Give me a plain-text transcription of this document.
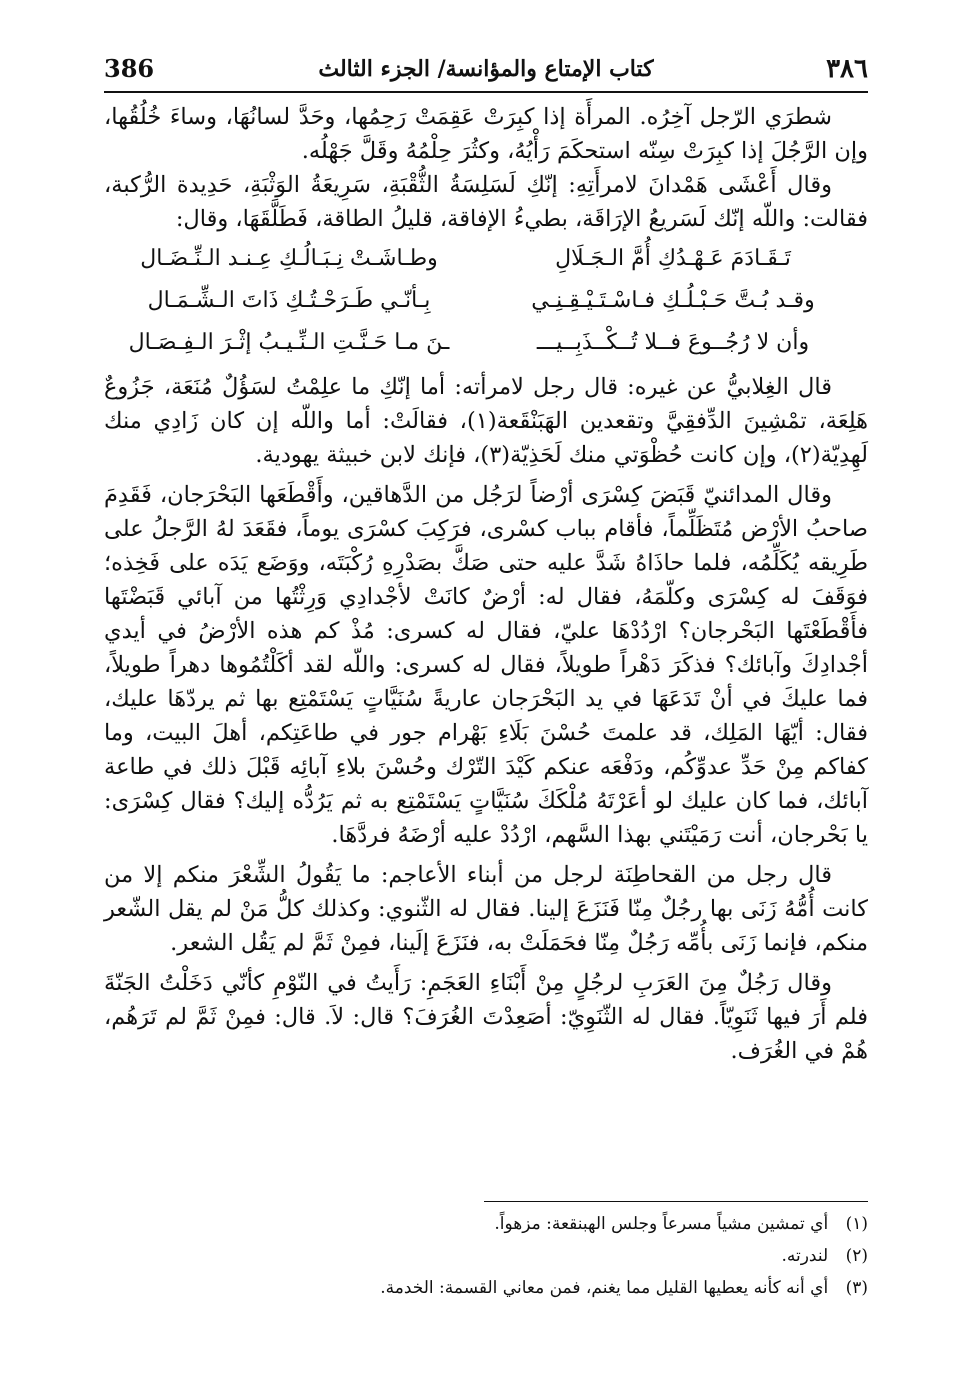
٣٨٦
كتاب الإمتاع والمؤانسة/ الجزء الثالث
386

شطرَي الرّجل آخِرُه. المرأَة إذا كبِرَتْ عَقِمَتْ رَحِمُها، وحَدَّ لسانُهَا، وساءَ خُلُقُها، وإن الرَّجُلَ إذا كبِرَتْ سِنّه استحكَمَ رَأْيُهُ، وكثُرَ حِلْمُهُ وقَلَّ جَهْلُه.

وقال أَعْشَى هَمْدانَ لامرأَتِهِ: إنّكِ لَسَلِسَةُ الثُّقْبَةِ، سَرِيعَةُ الوَثْبَةِ، حَدِيدة الرُّكبة، فقالت: واللّه إنّك لَسَريعُ الإرَاقَة، بطيءُ الإفاقة، قليلُ الطاقة، فَطَلَّقَهَا، وقال:

تَـقَـادَمَ عَـهْـدُكِ أُمَّ الـجَـلَالِ
وطـاشَـتْ نِـبَـالُـكِ عِـنـد الـنِّـضَـال
وقـد بُـتَّ حَـبْـلُـكِ فـاسْـتَـيْـقِـنِـي
بِـأنّـي طَـرَحْـتُـكِ ذَاتَ الـشِّـمَـال
وأن لا رُجُــوعَ فــلا تُــكْــذَبِــيـــ
ـنَ مـا حَـنَّـتِ الـنِّـيـبُ إثْـرَ الـفِـصَـال

قال الغِلابيُّ عن غيره: قال رجل لامرأته: أما إنّكِ ما علِمْتُ لسَؤُلٌ مُنَعَة، جَزُوعٌ هَلِعَة، تمْشِينَ الدِّفقِيَّ وتقعدين الهَبَنْقَعة(١)، فقالَتْ: أما واللّه إن كان زَادِي منك لَهِدِيّة(٢)، وإن كانت حُظْوَتي منك لَحَذِيّة(٣)، فإنك لابن خبيثة يهودية.

وقال المدائنيّ قَبَضَ كِسْرَى أرْضاً لرَجُل من الدَّهاقين، وأَقْطَعَها البَحْرَجان، فَقَدِمَ صاحبُ الأرْض مُتَظَلِّماً، فأقام بباب كسْرى، فرَكِبَ كسْرَى يوماً، فقَعَدَ لهُ الرَّجلُ على طَرِيقه يُكَلِّمُه، فلما حاذَاهُ شَدَّ عليه حتى صَكَّ بصَدْرِهِ رُكْبَتَه، ووَضَع يَدَه على فَخِذه؛ فوَقَفَ له كِسْرَى وكلّمَهُ، فقال له: أرْضٌ كانَتْ لأجْدادِي وَرِثْتُها من آبائي قَبَضْتَها فأَقْطَعْتَها البَحْرجان؟ ارْدُدْهَا عليّ، فقال له كسرى: مُذْ كم هذه الأرْضُ في أيدي أجْدادِكَ وآبائك؟ فذكَرَ دَهْراً طويلاً، فقال له كسرى: واللّه لقد أكَلْتُمُوها دهراً طويلاً، فما عليكَ في أنْ تَدَعَهَا في يد البَحْرَجان عاريةً سُنَيَّاتٍ يَسْتَمْتِع بها ثم يردّهَا عليك، فقال: أيّهَا المَلِك، قد علمتَ حُسْنَ بَلَاءِ بَهْرام جور في طاعَتِكم، أهلَ البيت، وما كفاكم مِنْ حَدِّ عدوِّكُم، ودَفْعَه عنكم كَيْدَ التّرْك وحُسْنَ بلاءِ آبائِه قَبْلَ ذلك في طاعة آبائك، فما كان عليك لو أعَرْتَهُ مُلْكَكَ سُنَيَّاتٍ يَسْتَمْتِع به ثم يَرُدُّه إليك؟ فقال كِسْرَى: يا بَحْرجان، أنت رَمَيْتَني بهذا السَّهم، ارْدُدْ عليه أرْضَهُ فردَّهَا.

قال رجل من القحاطِنَة لرجل من أبناء الأعاجم: ما يَقُولُ الشِّعْرَ منكم إلا من كانت أُمُّهُ زَنَى بها رجُلٌ مِنّا فَنَزَعَ إلينا. فقال له الثّنوي: وكذلك كلُّ مَنْ لم يقل الشّعر منكم، فإنما زَنَى بأُمِّه رَجُلٌ مِنّا فحَمَلَتْ به، فنَزَعَ إلَينا، فمِنْ ثَمَّ لم يَقُل الشعر.

وقال رَجُلٌ مِنَ العَرَبِ لرجُلٍ مِنْ أَبْنَاءِ العَجَمِ: رَأَيتُ في النّوْمِ كأنّي دَخَلْتُ الجَنّةَ فلم أَرَ فيها ثَنَوِيّاً. فقال له الثّنَوِيّ: أصَعِدْتَ الغُرَفَ؟ قال: لاَ. قال: فمِنْ ثَمَّ لم تَرَهُم، هُمْ في الغُرَف.

(١) أي تمشين مشياً مسرعاً وجلس الهبنقعة: مزهواً.
(٢) لندرته.
(٣) أي أنه كأنه يعطيها القليل مما يغنم، فمن معاني القسمة: الخدمة.
